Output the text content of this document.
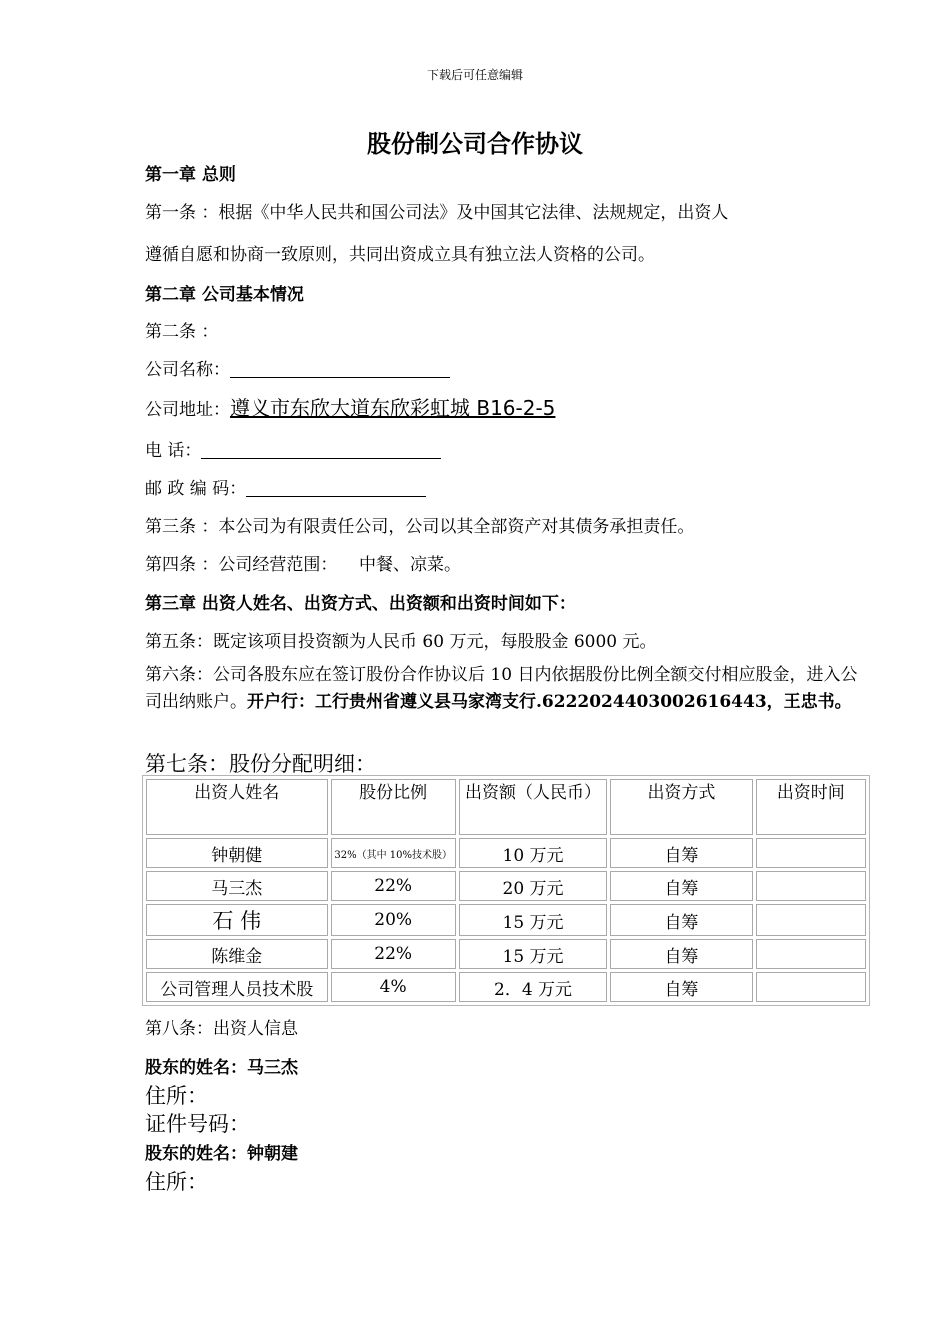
下载后可任意编辑
股份制公司合作协议
第一章 总则
第一条 ：根据《中华人民共和国公司法》及中国其它法律、法规规定，出资人
遵循自愿和协商一致原则，共同出资成立具有独立法人资格的公司。
第二章 公司基本情况
第二条 ：
公司名称：
公司地址：遵义市东欣大道东欣彩虹城 B16-2-5
电 话：
邮 政 编 码：
第三条 ：本公司为有限责任公司，公司以其全部资产对其债务承担责任。
第四条 ：公司经营范围：    中餐、凉菜。
第三章 出资人姓名、出资方式、出资额和出资时间如下：
第五条：既定该项目投资额为人民币 60 万元，每股股金 6000 元。
第六条：公司各股东应在签订股份合作协议后 10 日内依据股份比例全额交付相应股金，进入公司出纳账户。开户行：工行贵州省遵义县马家湾支行.6222024403002616443，王忠书。
第七条：股份分配明细：
出资人姓名	股份比例	出资额（人民币）	出资方式	出资时间
钟朝健	32%（其中 10%技术股）	10 万元	自筹	
马三杰	22%	20 万元	自筹	
石 伟	20%	15 万元	自筹	
陈维金	22%	15 万元	自筹	
公司管理人员技术股	4%	2．4 万元	自筹	
第八条：出资人信息
股东的姓名：马三杰
住所：
证件号码：
股东的姓名：钟朝建
住所：
